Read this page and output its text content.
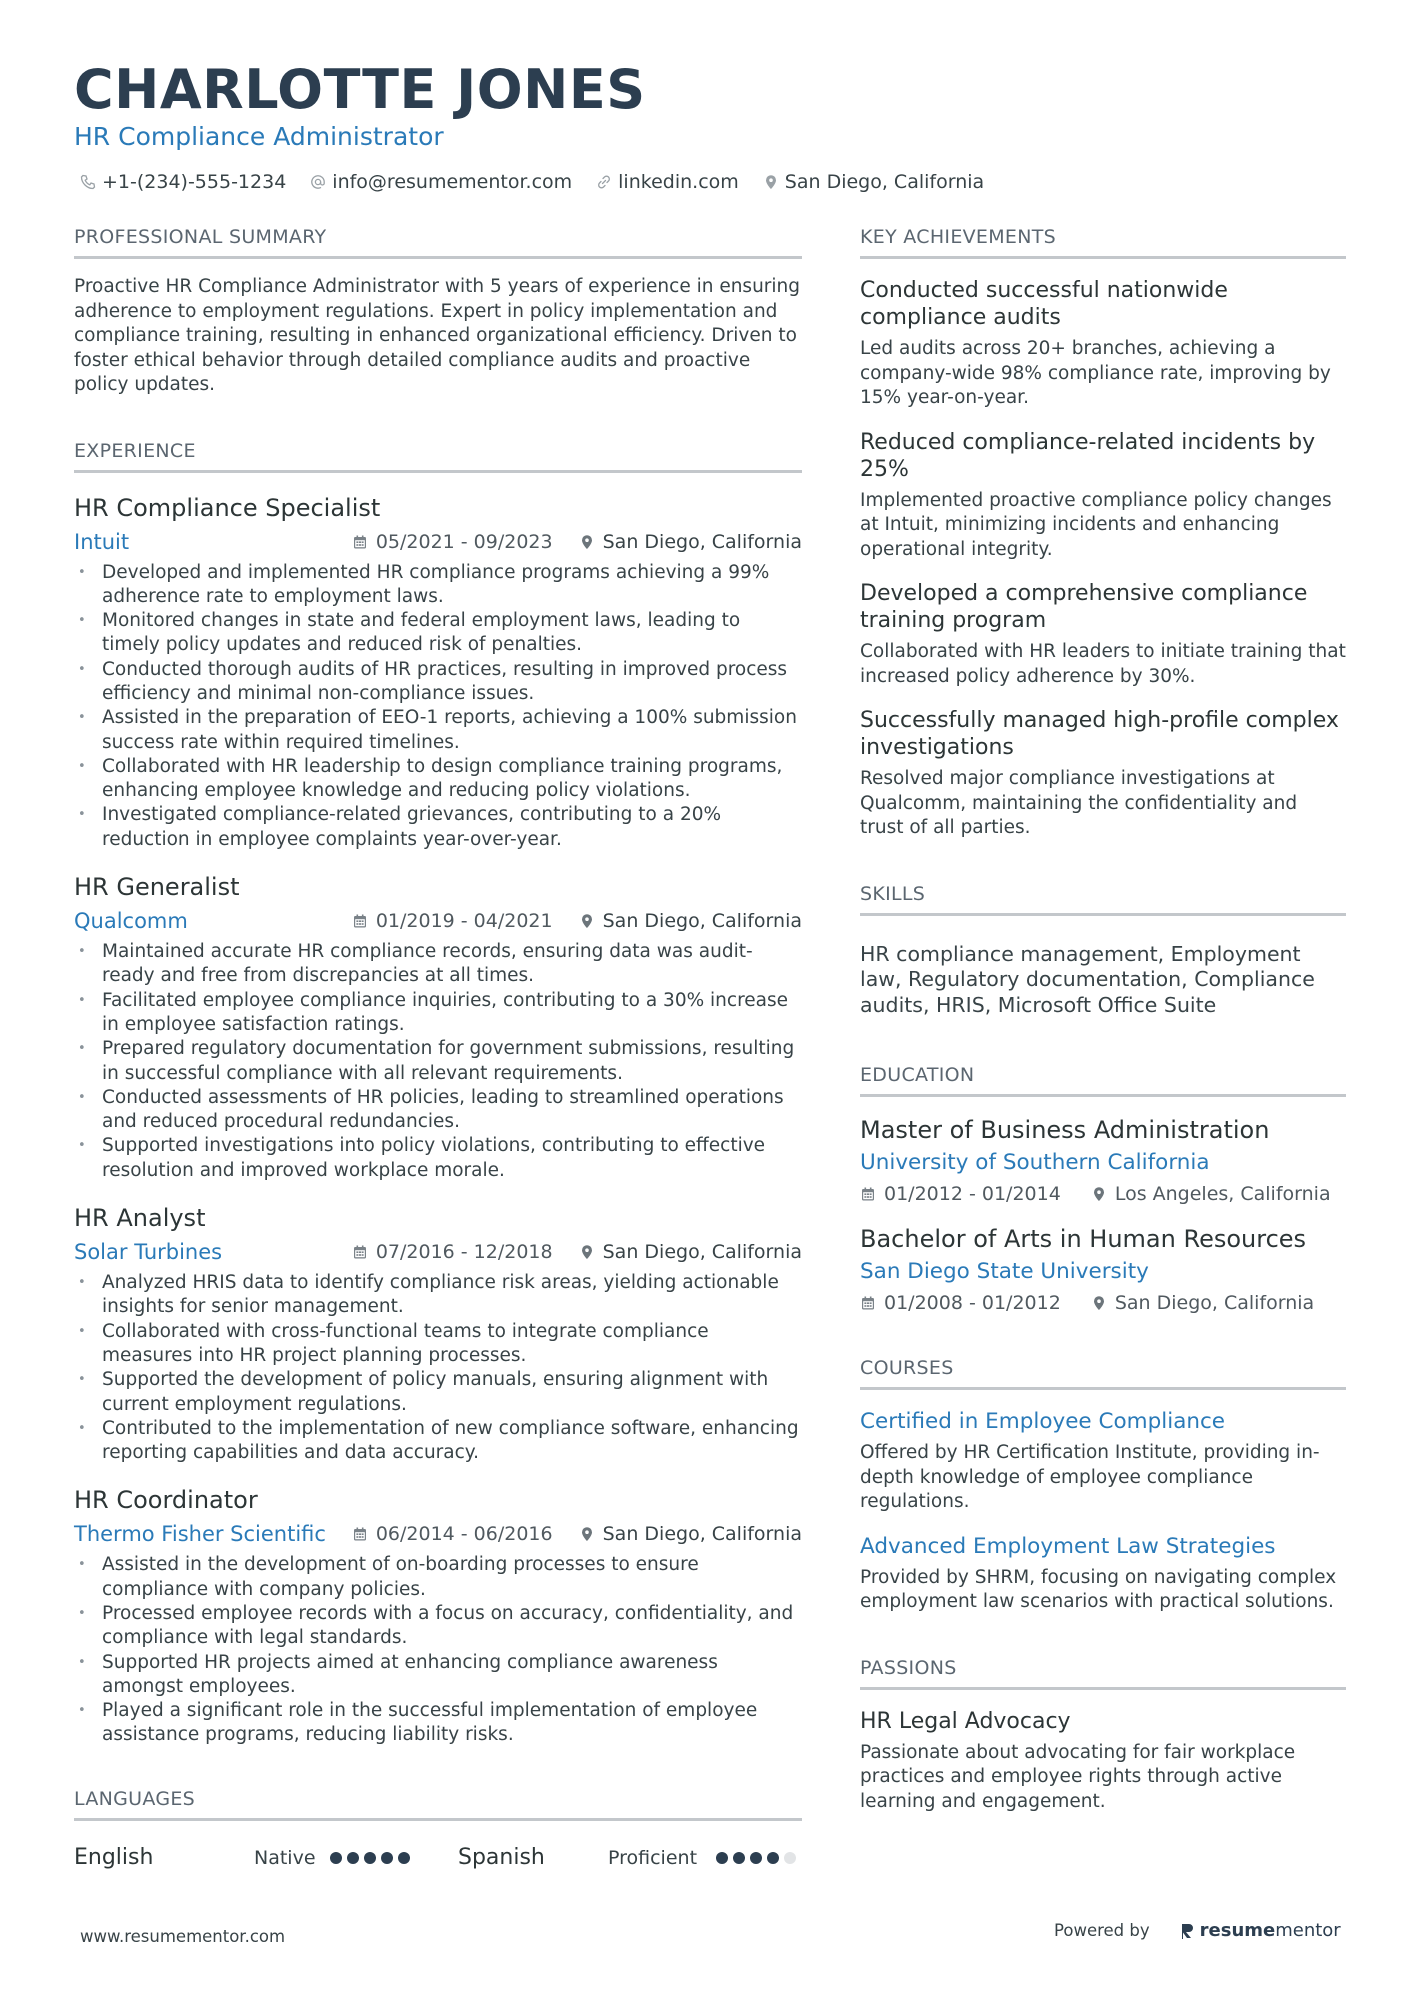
CHARLOTTE JONES
HR Compliance Administrator
+1-(234)-555-1234 info@resumementor.com linkedin.com San Diego, California
PROFESSIONAL SUMMARY

Proactive HR Compliance Administrator with 5 years of experience in ensuring adherence to employment regulations. Expert in policy implementation and compliance training, resulting in enhanced organizational efficiency. Driven to foster ethical behavior through detailed compliance audits and proactive policy updates.

EXPERIENCE
HR Compliance Specialist
Intuit	05/2021 - 09/2023	San Diego, California
• Developed and implemented HR compliance programs achieving a 99% adherence rate to employment laws.
• Monitored changes in state and federal employment laws, leading to timely policy updates and reduced risk of penalties.
• Conducted thorough audits of HR practices, resulting in improved process efficiency and minimal non-compliance issues.
• Assisted in the preparation of EEO-1 reports, achieving a 100% submission success rate within required timelines.
• Collaborated with HR leadership to design compliance training programs, enhancing employee knowledge and reducing policy violations.
• Investigated compliance-related grievances, contributing to a 20% reduction in employee complaints year-over-year.
HR Generalist
Qualcomm	01/2019 - 04/2021	San Diego, California
• Maintained accurate HR compliance records, ensuring data was audit-ready and free from discrepancies at all times.
• Facilitated employee compliance inquiries, contributing to a 30% increase in employee satisfaction ratings.
• Prepared regulatory documentation for government submissions, resulting in successful compliance with all relevant requirements.
• Conducted assessments of HR policies, leading to streamlined operations and reduced procedural redundancies.
• Supported investigations into policy violations, contributing to effective resolution and improved workplace morale.
HR Analyst
Solar Turbines	07/2016 - 12/2018	San Diego, California
• Analyzed HRIS data to identify compliance risk areas, yielding actionable insights for senior management.
• Collaborated with cross-functional teams to integrate compliance measures into HR project planning processes.
• Supported the development of policy manuals, ensuring alignment with current employment regulations.
• Contributed to the implementation of new compliance software, enhancing reporting capabilities and data accuracy.
HR Coordinator
Thermo Fisher Scientific	06/2014 - 06/2016	San Diego, California
• Assisted in the development of on-boarding processes to ensure compliance with company policies.
• Processed employee records with a focus on accuracy, confidentiality, and compliance with legal standards.
• Supported HR projects aimed at enhancing compliance awareness amongst employees.
• Played a significant role in the successful implementation of employee assistance programs, reducing liability risks.
LANGUAGES
English	Native	Spanish	Proficient
KEY ACHIEVEMENTS
Conducted successful nationwide compliance audits

Led audits across 20+ branches, achieving a company-wide 98% compliance rate, improving by 15% year-on-year.

Reduced compliance-related incidents by 25%

Implemented proactive compliance policy changes at Intuit, minimizing incidents and enhancing operational integrity.

Developed a comprehensive compliance training program

Collaborated with HR leaders to initiate training that increased policy adherence by 30%.

Successfully managed high-profile complex investigations

Resolved major compliance investigations at Qualcomm, maintaining the confidentiality and trust of all parties.

SKILLS

HR compliance management, Employment law, Regulatory documentation, Compliance audits, HRIS, Microsoft Office Suite

EDUCATION
Master of Business Administration
University of Southern California
01/2012 - 01/2014	Los Angeles, California
Bachelor of Arts in Human Resources
San Diego State University
01/2008 - 01/2012	San Diego, California
COURSES
Certified in Employee Compliance

Offered by HR Certification Institute, providing in-depth knowledge of employee compliance regulations.

Advanced Employment Law Strategies

Provided by SHRM, focusing on navigating complex employment law scenarios with practical solutions.

PASSIONS
HR Legal Advocacy

Passionate about advocating for fair workplace practices and employee rights through active learning and engagement.

www.resumementor.com	Powered by	resumementor
